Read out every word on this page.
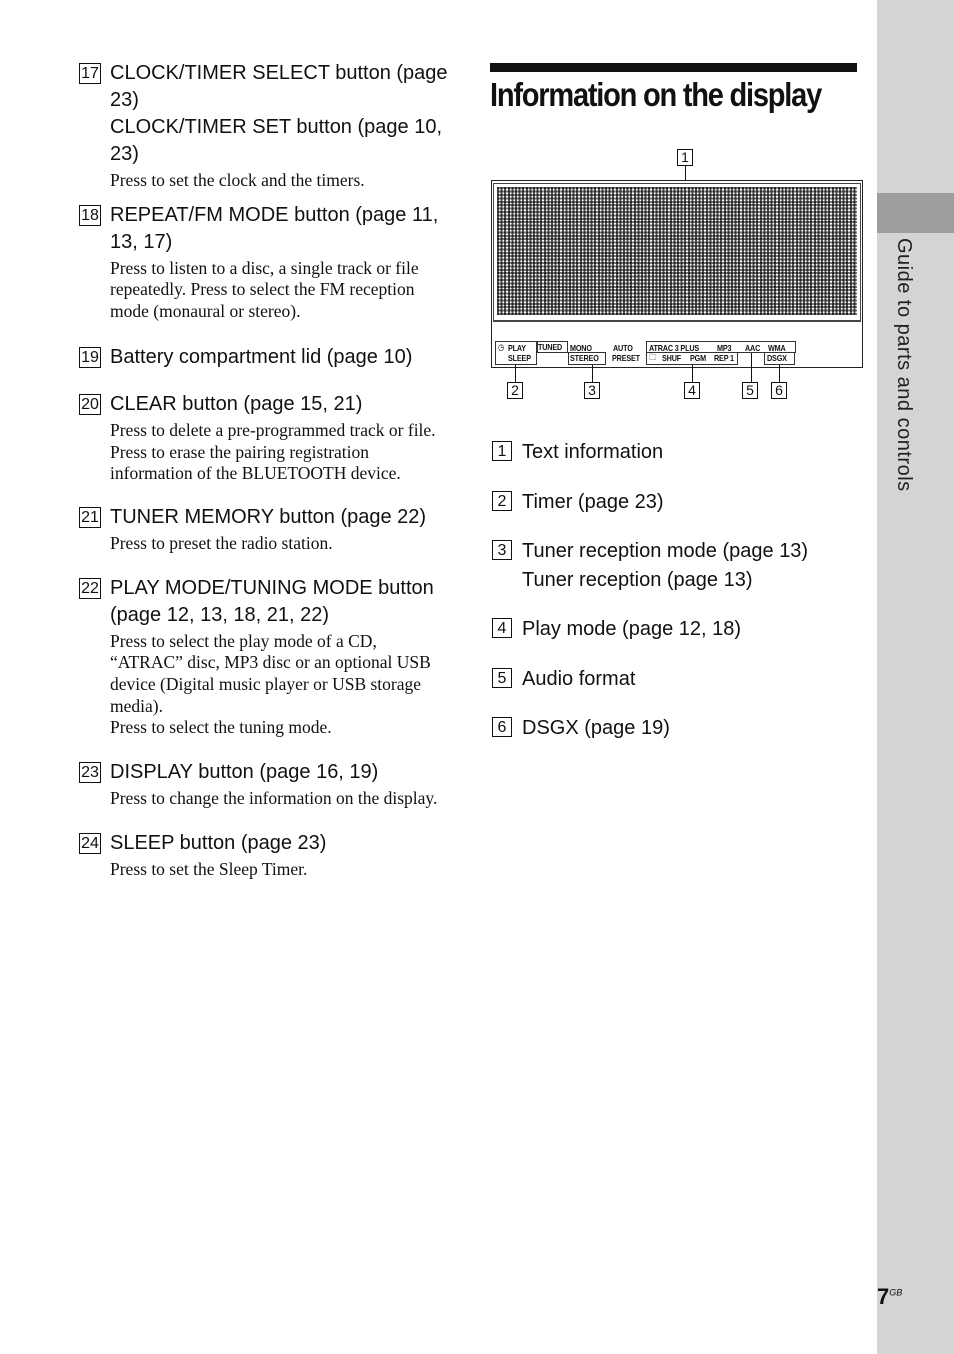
Guide to parts and controls
$7^{GB}$
17 CLOCK/TIMER SELECT button (page 23)
CLOCK/TIMER SET button (page 10, 23)
Press to set the clock and the timers.
18 REPEAT/FM MODE button (page 11, 13, 17)
Press to listen to a disc, a single track or file repeatedly. Press to select the FM reception mode (monaural or stereo).
19 Battery compartment lid (page 10)
20 CLEAR button (page 15, 21)
Press to delete a pre-programmed track or file. Press to erase the pairing registration information of the BLUETOOTH device.
21 TUNER MEMORY button (page 22)
Press to preset the radio station.
22 PLAY MODE/TUNING MODE button (page 12, 13, 18, 21, 22)
Press to select the play mode of a CD, “ATRAC” disc, MP3 disc or an optional USB device (Digital music player or USB storage media).
Press to select the tuning mode.
23 DISPLAY button (page 16, 19)
Press to change the information on the display.
24 SLEEP button (page 23)
Press to set the Sleep Timer.
Information on the display
1
◷ PLAY
SLEEP
TUNED MONO
STEREO
AUTO
PRESET
ATRAC 3 PLUS MP3 AAC WMA
🗀 SHUF PGM REP 1	DSGX
2	3	4	5 6
1 Text information
2 Timer (page 23)
3 Tuner reception mode (page 13)
Tuner reception (page 13)
4 Play mode (page 12, 18)
5 Audio format
6 DSGX (page 19)
